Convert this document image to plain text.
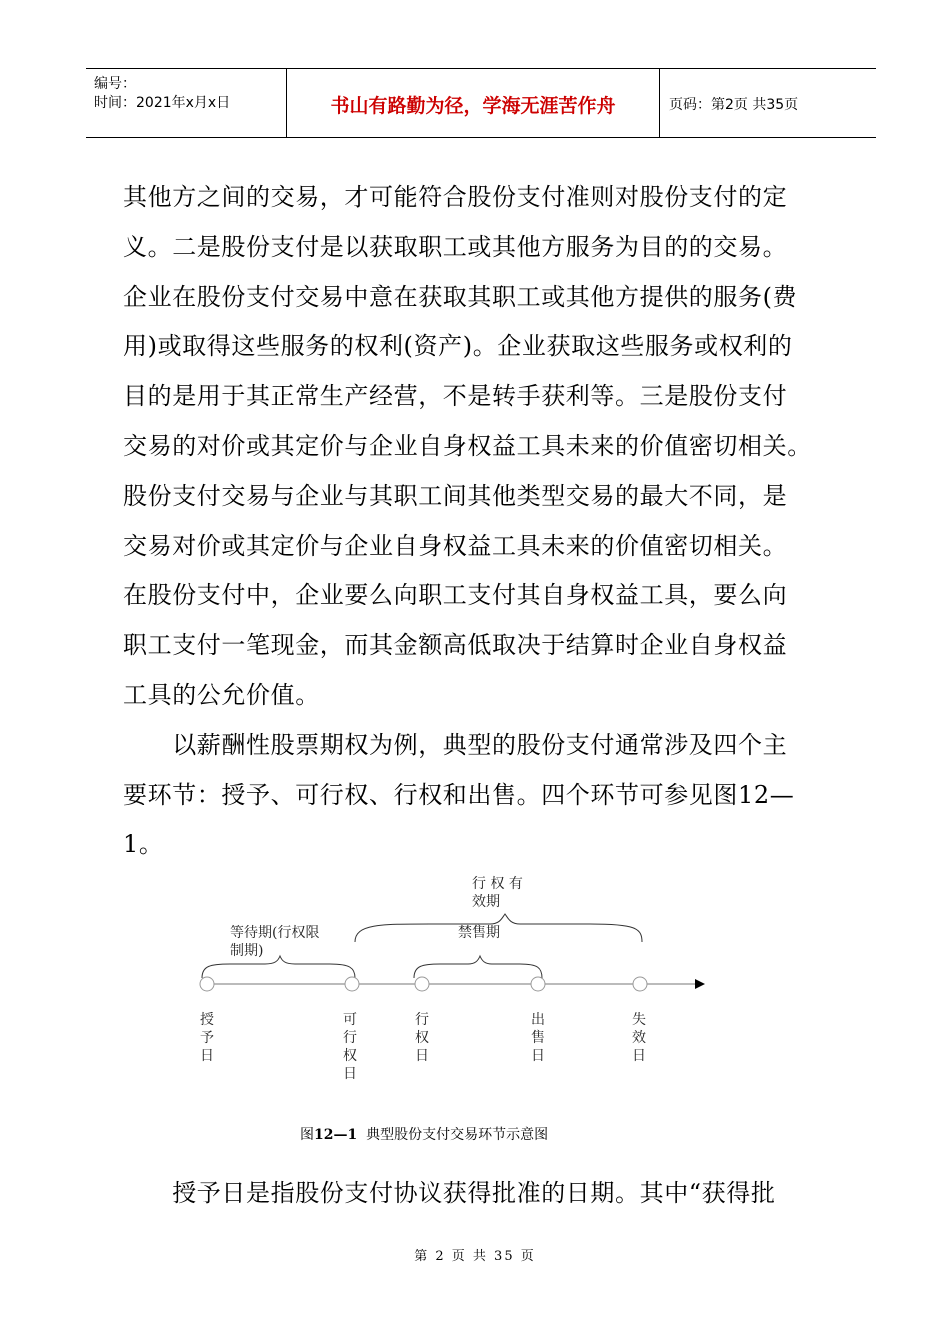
编号：
时间：2021年x月x日	书山有路勤为径，学海无涯苦作舟	页码：第2页 共35页
其他方之间的交易，才可能符合股份支付准则对股份支付的定
义。二是股份支付是以获取职工或其他方服务为目的的交易。
企业在股份支付交易中意在获取其职工或其他方提供的服务(费
用)或取得这些服务的权利(资产)。企业获取这些服务或权利的
目的是用于其正常生产经营，不是转手获利等。三是股份支付
交易的对价或其定价与企业自身权益工具未来的价值密切相关。
股份支付交易与企业与其职工间其他类型交易的最大不同，是
交易对价或其定价与企业自身权益工具未来的价值密切相关。
在股份支付中，企业要么向职工支付其自身权益工具，要么向
职工支付一笔现金，而其金额高低取决于结算时企业自身权益
工具的公允价值。
　　以薪酬性股票期权为例，典型的股份支付通常涉及四个主
要环节：授予、可行权、行权和出售。四个环节可参见图12—
1。
行 权 有
效期
等待期(行权限
制期)
禁售期
授予日
可行权日
行权日
出售日
失效日
图12—1 典型股份支付交易环节示意图
　　授予日是指股份支付协议获得批准的日期。其中“获得批
第 2 页 共 35 页
